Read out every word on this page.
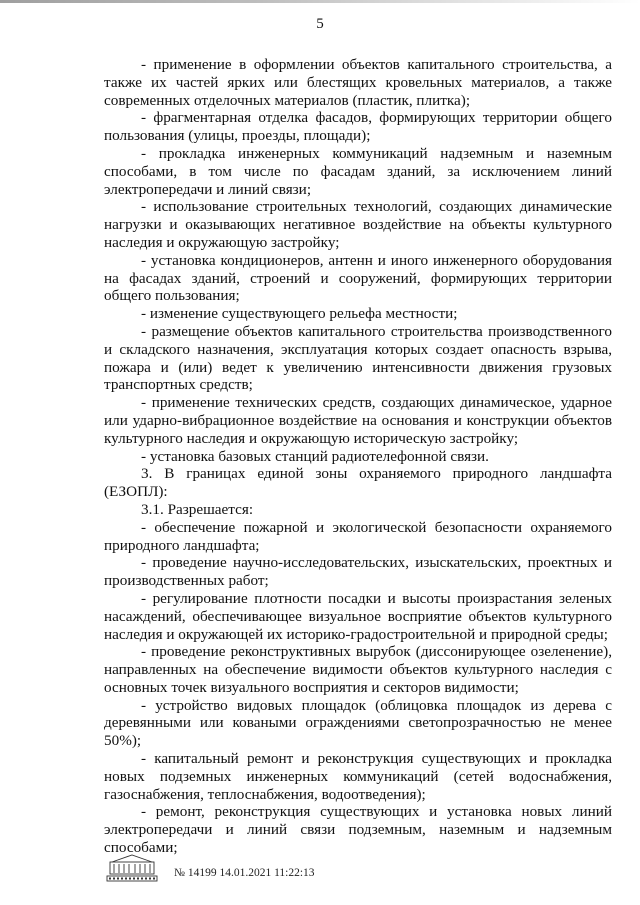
5

- применение в оформлении объектов капитального строительства, а также их частей ярких или блестящих кровельных материалов, а также современных отделочных материалов (пластик, плитка);

- фрагментарная отделка фасадов, формирующих территории общего пользования (улицы, проезды, площади);

- прокладка инженерных коммуникаций надземным и наземным способами, в том числе по фасадам зданий, за исключением линий электропередачи и линий связи;

- использование строительных технологий, создающих динамические нагрузки и оказывающих негативное воздействие на объекты культурного наследия и окружающую застройку;

- установка кондиционеров, антенн и иного инженерного оборудования на фасадах зданий, строений и сооружений, формирующих территории общего пользования;

- изменение существующего рельефа местности;

- размещение объектов капитального строительства производственного и складского назначения, эксплуатация которых создает опасность взрыва, пожара и (или) ведет к увеличению интенсивности движения грузовых транспортных средств;

- применение технических средств, создающих динамическое, ударное или ударно-вибрационное воздействие на основания и конструкции объектов культурного наследия и окружающую историческую застройку;

- установка базовых станций радиотелефонной связи.

3. В границах единой зоны охраняемого природного ландшафта (ЕЗОПЛ):

3.1. Разрешается:

- обеспечение пожарной и экологической безопасности охраняемого природного ландшафта;

- проведение научно-исследовательских, изыскательских, проектных и производственных работ;

- регулирование плотности посадки и высоты произрастания зеленых насаждений, обеспечивающее визуальное восприятие объектов культурного наследия и окружающей их историко-градостроительной и природной среды;

- проведение реконструктивных вырубок (диссонирующее озеленение), направленных на обеспечение видимости объектов культурного наследия с основных точек визуального восприятия и секторов видимости;

- устройство видовых площадок (облицовка площадок из дерева с деревянными или коваными ограждениями светопрозрачностью не менее 50%);

- капитальный ремонт и реконструкция существующих и прокладка новых подземных инженерных коммуникаций (сетей водоснабжения, газоснабжения, теплоснабжения, водоотведения);

- ремонт, реконструкция существующих и установка новых линий электропередачи и линий связи подземным, наземным и надземным способами;

№ 14199 14.01.2021 11:22:13
